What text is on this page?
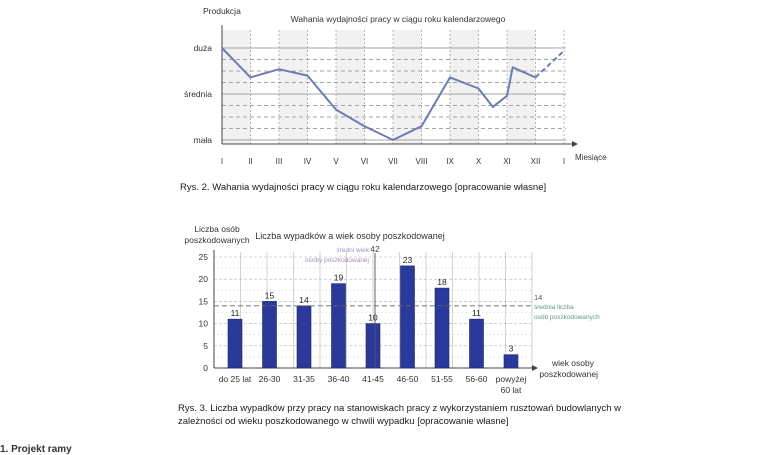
Wahania wydajności pracy w ciągu roku kalendarzowego
Produkcja
Miesiące
duża
średnia
mała
I	II	III	IV	V	VI VII VIII IX	X	XI XII	I
Rys. 2. Wahania wydajności pracy w ciągu roku kalendarzowego [opracowanie własne]
Liczba wypadków a wiek osoby poszkodowanej
Liczba osób
poszkodowanych
wiek osoby
poszkodowanej
0
5
10
15
20
25
11
do 25 lat
15
26-30
14
31-35
19
36-40
10
41-45
23
46-50
18
51-55
11
56-60
3
powyżej
60 lat
42
średni wiek
osoby poszkodowanej
14
średnia liczba
osób poszkodowanych
Rys. 3. Liczba wypadków przy pracy na stanowiskach pracy z wykorzystaniem rusztowań budowlanych w zależności od wieku poszkodowanego w chwili wypadku [opracowanie własne]
1. Projekt ramy
